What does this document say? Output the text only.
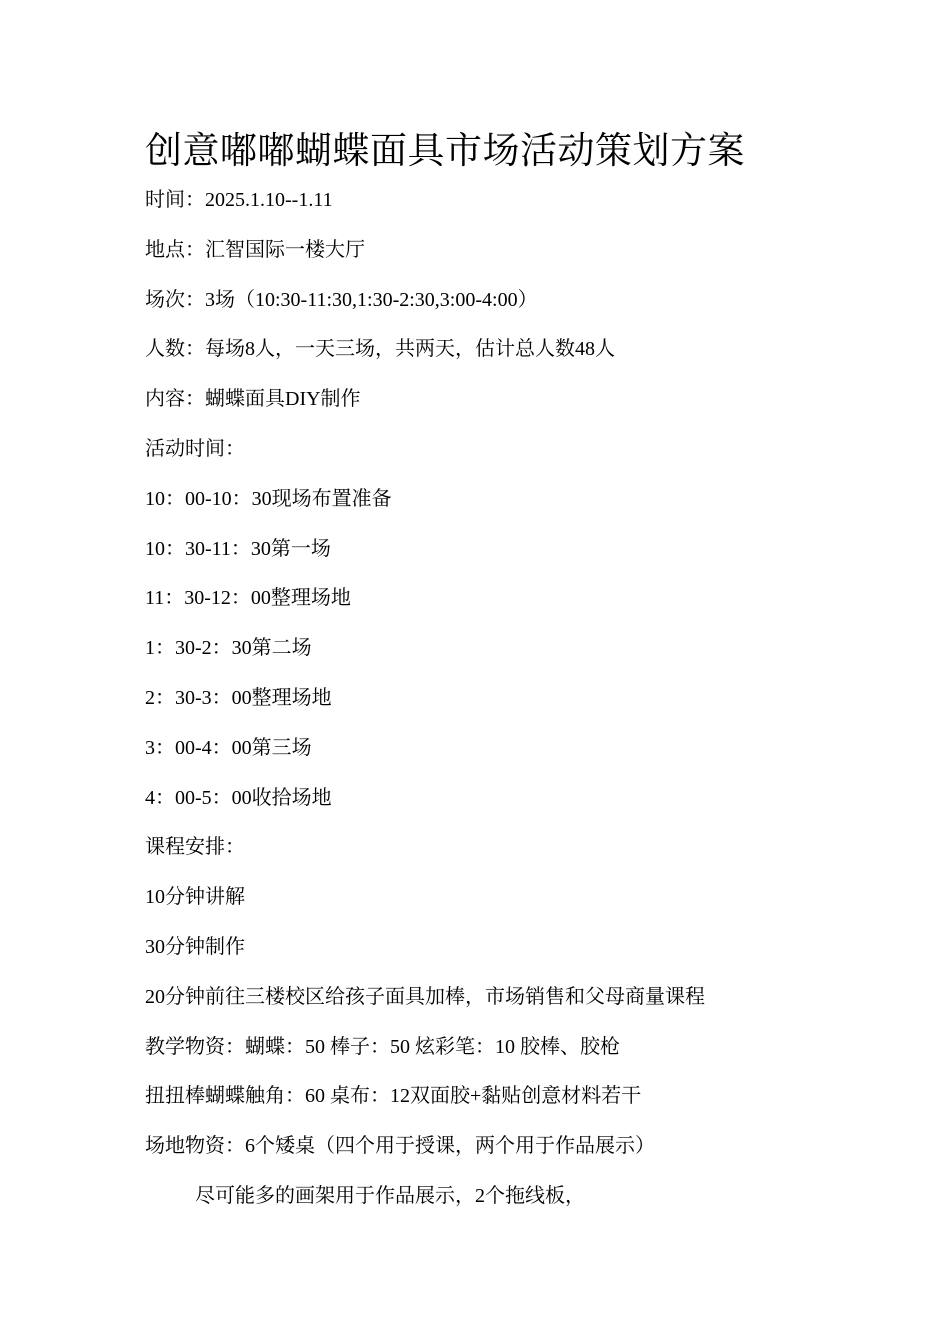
创意嘟嘟蝴蝶面具市场活动策划方案
时间：2025.1.10--1.11
地点：汇智国际一楼大厅
场次：3场（10:30-11:30,1:30-2:30,3:00-4:00）
人数：每场8人，一天三场，共两天，估计总人数48人
内容：蝴蝶面具DIY制作
活动时间：
10：00-10：30现场布置准备
10：30-11：30第一场
11：30-12：00整理场地
1：30-2：30第二场
2：30-3：00整理场地
3：00-4：00第三场
4：00-5：00收拾场地
课程安排：
10分钟讲解
30分钟制作
20分钟前往三楼校区给孩子面具加棒，市场销售和父母商量课程
教学物资：蝴蝶：50 棒子：50 炫彩笔：10 胶棒、胶枪
扭扭棒蝴蝶触角：60 桌布：12双面胶+黏贴创意材料若干
场地物资：6个矮桌（四个用于授课，两个用于作品展示）
尽可能多的画架用于作品展示，2个拖线板，
